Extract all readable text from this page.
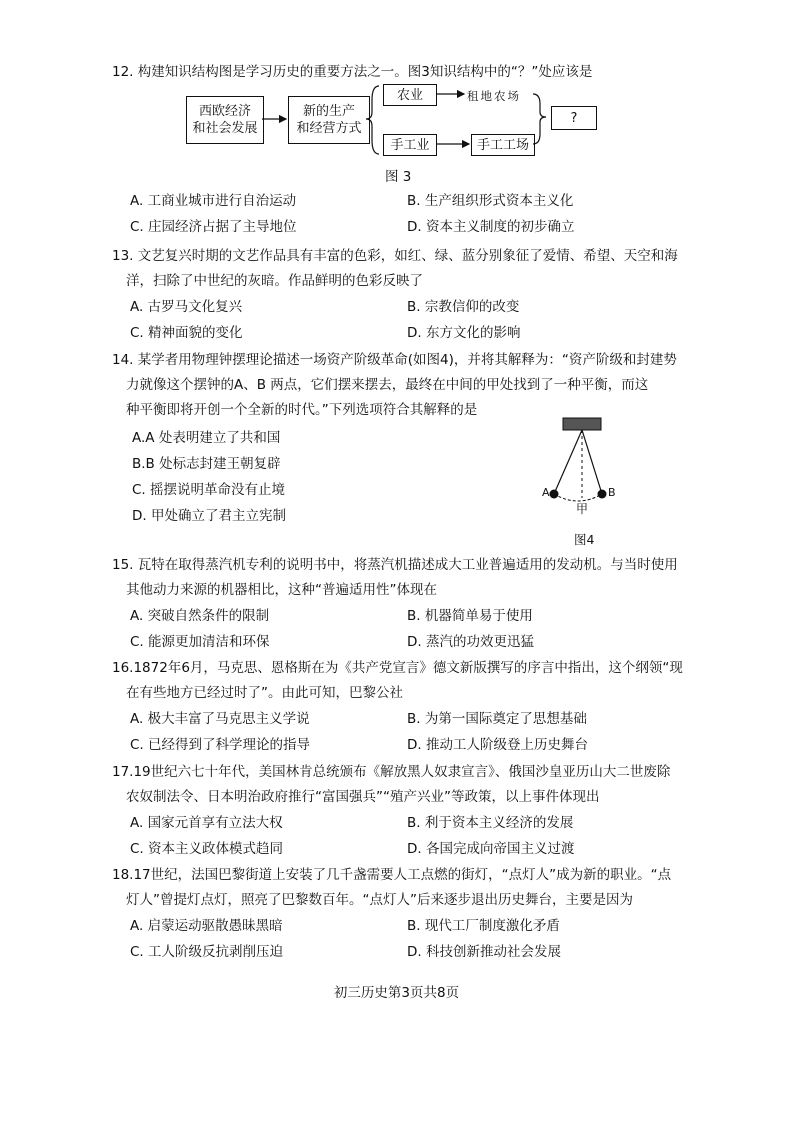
12. 构建知识结构图是学习历史的重要方法之一。图3知识结构中的“？”处应该是
西欧经济
和社会发展
新的生产
和经营方式
农业	租地农场
手工业	手工工场
?
图 3
A. 工商业城市进行自治运动	B. 生产组织形式资本主义化
C. 庄园经济占据了主导地位	D. 资本主义制度的初步确立
13. 文艺复兴时期的文艺作品具有丰富的色彩，如红、绿、蓝分别象征了爱情、希望、天空和海
洋，扫除了中世纪的灰暗。作品鲜明的色彩反映了
A. 古罗马文化复兴	B. 宗教信仰的改变
C. 精神面貌的变化	D. 东方文化的影响
14. 某学者用物理钟摆理论描述一场资产阶级革命(如图4)，并将其解释为：“资产阶级和封建势
力就像这个摆钟的A、B 两点，它们摆来摆去，最终在中间的甲处找到了一种平衡，而这
种平衡即将开创一个全新的时代。”下列选项符合其解释的是
A.A 处表明建立了共和国
B.B 处标志封建王朝复辟
C. 摇摆说明革命没有止境
D. 甲处确立了君主立宪制
A	B
甲
图4
15. 瓦特在取得蒸汽机专利的说明书中，将蒸汽机描述成大工业普遍适用的发动机。与当时使用
其他动力来源的机器相比，这种“普遍适用性”体现在
A. 突破自然条件的限制	B. 机器简单易于使用
C. 能源更加清洁和环保	D. 蒸汽的功效更迅猛
16.1872年6月，马克思、恩格斯在为《共产党宣言》德文新版撰写的序言中指出，这个纲领“现
在有些地方已经过时了”。由此可知，巴黎公社
A. 极大丰富了马克思主义学说	B. 为第一国际奠定了思想基础
C. 已经得到了科学理论的指导	D. 推动工人阶级登上历史舞台
17.19世纪六七十年代，美国林肯总统颁布《解放黑人奴隶宣言》、俄国沙皇亚历山大二世废除
农奴制法令、日本明治政府推行“富国强兵”“殖产兴业”等政策，以上事件体现出
A. 国家元首享有立法大权	B. 利于资本主义经济的发展
C. 资本主义政体模式趋同	D. 各国完成向帝国主义过渡
18.17世纪，法国巴黎街道上安装了几千盏需要人工点燃的街灯，“点灯人”成为新的职业。“点
灯人”曾提灯点灯，照亮了巴黎数百年。“点灯人”后来逐步退出历史舞台，主要是因为
A. 启蒙运动驱散愚昧黑暗	B. 现代工厂制度激化矛盾
C. 工人阶级反抗剥削压迫	D. 科技创新推动社会发展
初三历史第3页共8页
